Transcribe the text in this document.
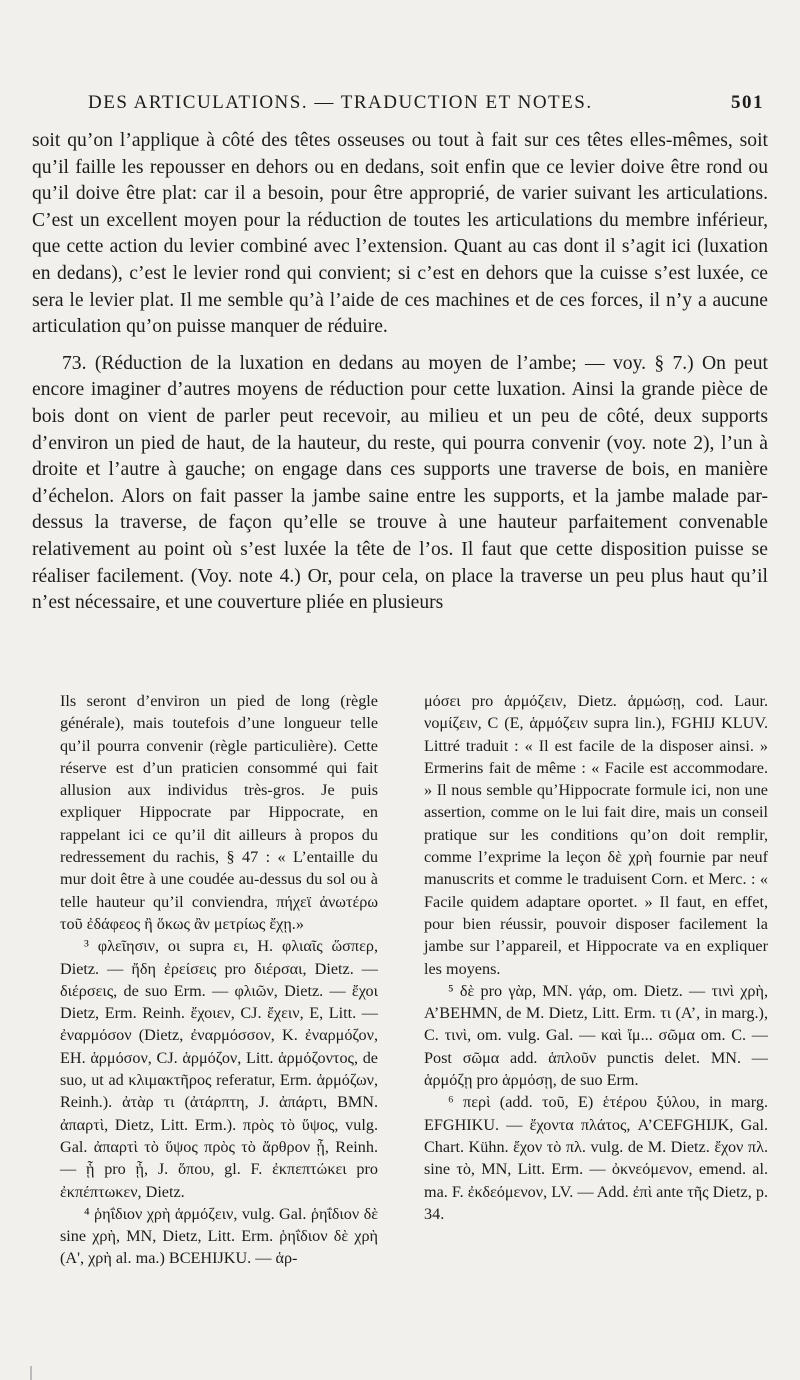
DES ARTICULATIONS. — TRADUCTION ET NOTES.	501

soit qu’on l’applique à côté des têtes osseuses ou tout à fait sur ces têtes elles-mêmes, soit qu’il faille les repousser en dehors ou en dedans, soit enfin que ce levier doive être rond ou qu’il doive être plat: car il a besoin, pour être approprié, de varier suivant les articulations. C’est un excellent moyen pour la réduction de toutes les articulations du membre inférieur, que cette action du levier combiné avec l’extension. Quant au cas dont il s’agit ici (luxation en dedans), c’est le levier rond qui convient; si c’est en dehors que la cuisse s’est luxée, ce sera le levier plat. Il me semble qu’à l’aide de ces machines et de ces forces, il n’y a aucune articulation qu’on puisse manquer de réduire.

73. (Réduction de la luxation en dedans au moyen de l’ambe; — voy. § 7.) On peut encore imaginer d’autres moyens de réduction pour cette luxation. Ainsi la grande pièce de bois dont on vient de parler peut recevoir, au milieu et un peu de côté, deux supports d’environ un pied de haut, de la hauteur, du reste, qui pourra convenir (voy. note 2), l’un à droite et l’autre à gauche; on engage dans ces supports une traverse de bois, en manière d’échelon. Alors on fait passer la jambe saine entre les supports, et la jambe malade par-dessus la traverse, de façon qu’elle se trouve à une hauteur parfaitement convenable relativement au point où s’est luxée la tête de l’os. Il faut que cette disposition puisse se réaliser facilement. (Voy. note 4.) Or, pour cela, on place la traverse un peu plus haut qu’il n’est nécessaire, et une couverture pliée en plusieurs

Ils seront d’environ un pied de long (règle générale), mais toutefois d’une longueur telle qu’il pourra convenir (règle particulière). Cette réserve est d’un praticien consommé qui fait allusion aux individus très-gros. Je puis expliquer Hippocrate par Hippocrate, en rappelant ici ce qu’il dit ailleurs à propos du redressement du rachis, § 47 : « L’entaille du mur doit être à une coudée au-dessus du sol ou à telle hauteur qu’il conviendra, πήχεϊ ἀνωτέρω τοῦ ἐδάφεος ἢ ὅκως ἂν μετρίως ἔχῃ.»

³ φλεῖησιν, οι supra ει, H. φλιαῖς ὥσπερ, Dietz. — ἤδη ἐρείσεις pro διέρσαι, Dietz. — διέρσεις, de suo Erm. — φλιῶν, Dietz. — ἔχοι Dietz, Erm. Reinh. ἔχοιεν, CJ. ἔχειν, E, Litt. — ἐναρμόσον (Dietz, ἐναρμόσσον, K. ἐναρμόζον, EH. ἁρμόσον, CJ. ἁρμόζον, Litt. ἁρμόζοντος, de suo, ut ad κλιμακτῆρος referatur, Erm. ἁρμόζων, Reinh.). ἀτὰρ τι (ἀτάρπτη, J. ἀπάρτι, BMN. ἀπαρτὶ, Dietz, Litt. Erm.). πρὸς τὸ ὕψος, vulg. Gal. ἀπαρτὶ τὸ ὕψος πρὸς τὸ ἄρθρον ᾖ, Reinh. — ᾗ pro ᾖ, J. ὅπου, gl. F. ἐκπεπτώκει pro ἐκπέπτωκεν, Dietz.

⁴ ῥηΐδιον χρὴ ἁρμόζειν, vulg. Gal. ῥηΐδιον δὲ sine χρὴ, MN, Dietz, Litt. Erm. ῥηΐδιον δὲ χρὴ (A', χρὴ al. ma.) BCEHIJKU. — ἁρ-

μόσει pro ἁρμόζειν, Dietz. ἁρμώσῃ, cod. Laur. νομίζειν, C (E, ἁρμόζειν supra lin.), FGHIJ KLUV. Littré traduit : « Il est facile de la disposer ainsi. » Ermerins fait de même : « Facile est accommodare. » Il nous semble qu’Hippocrate formule ici, non une assertion, comme on le lui fait dire, mais un conseil pratique sur les conditions qu’on doit remplir, comme l’exprime la leçon δὲ χρὴ fournie par neuf manuscrits et comme le traduisent Corn. et Merc. : « Facile quidem adaptare oportet. » Il faut, en effet, pour bien réussir, pouvoir disposer facilement la jambe sur l’appareil, et Hippocrate va en expliquer les moyens.

⁵ δὲ pro γὰρ, MN. γάρ, om. Dietz. — τινὶ χρὴ, A’BEHMN, de M. Dietz, Litt. Erm. τι (A’, in marg.), C. τινὶ, om. vulg. Gal. — καὶ ἴμ... σῶμα om. C. — Post σῶμα add. ἁπλοῦν punctis delet. MN. — ἁρμόζῃ pro ἁρμόσῃ, de suo Erm.

⁶ περὶ (add. τοῦ, E) ἑτέρου ξύλου, in marg. EFGHIKU. — ἔχοντα πλάτος, A’CEFGHIJK, Gal. Chart. Kühn. ἔχον τὸ πλ. vulg. de M. Dietz. ἔχον πλ. sine τὸ, MN, Litt. Erm. — ὀκνεόμενον, emend. al. ma. F. ἐκδεόμενον, LV. — Add. ἐπὶ ante τῆς Dietz, p. 34.
